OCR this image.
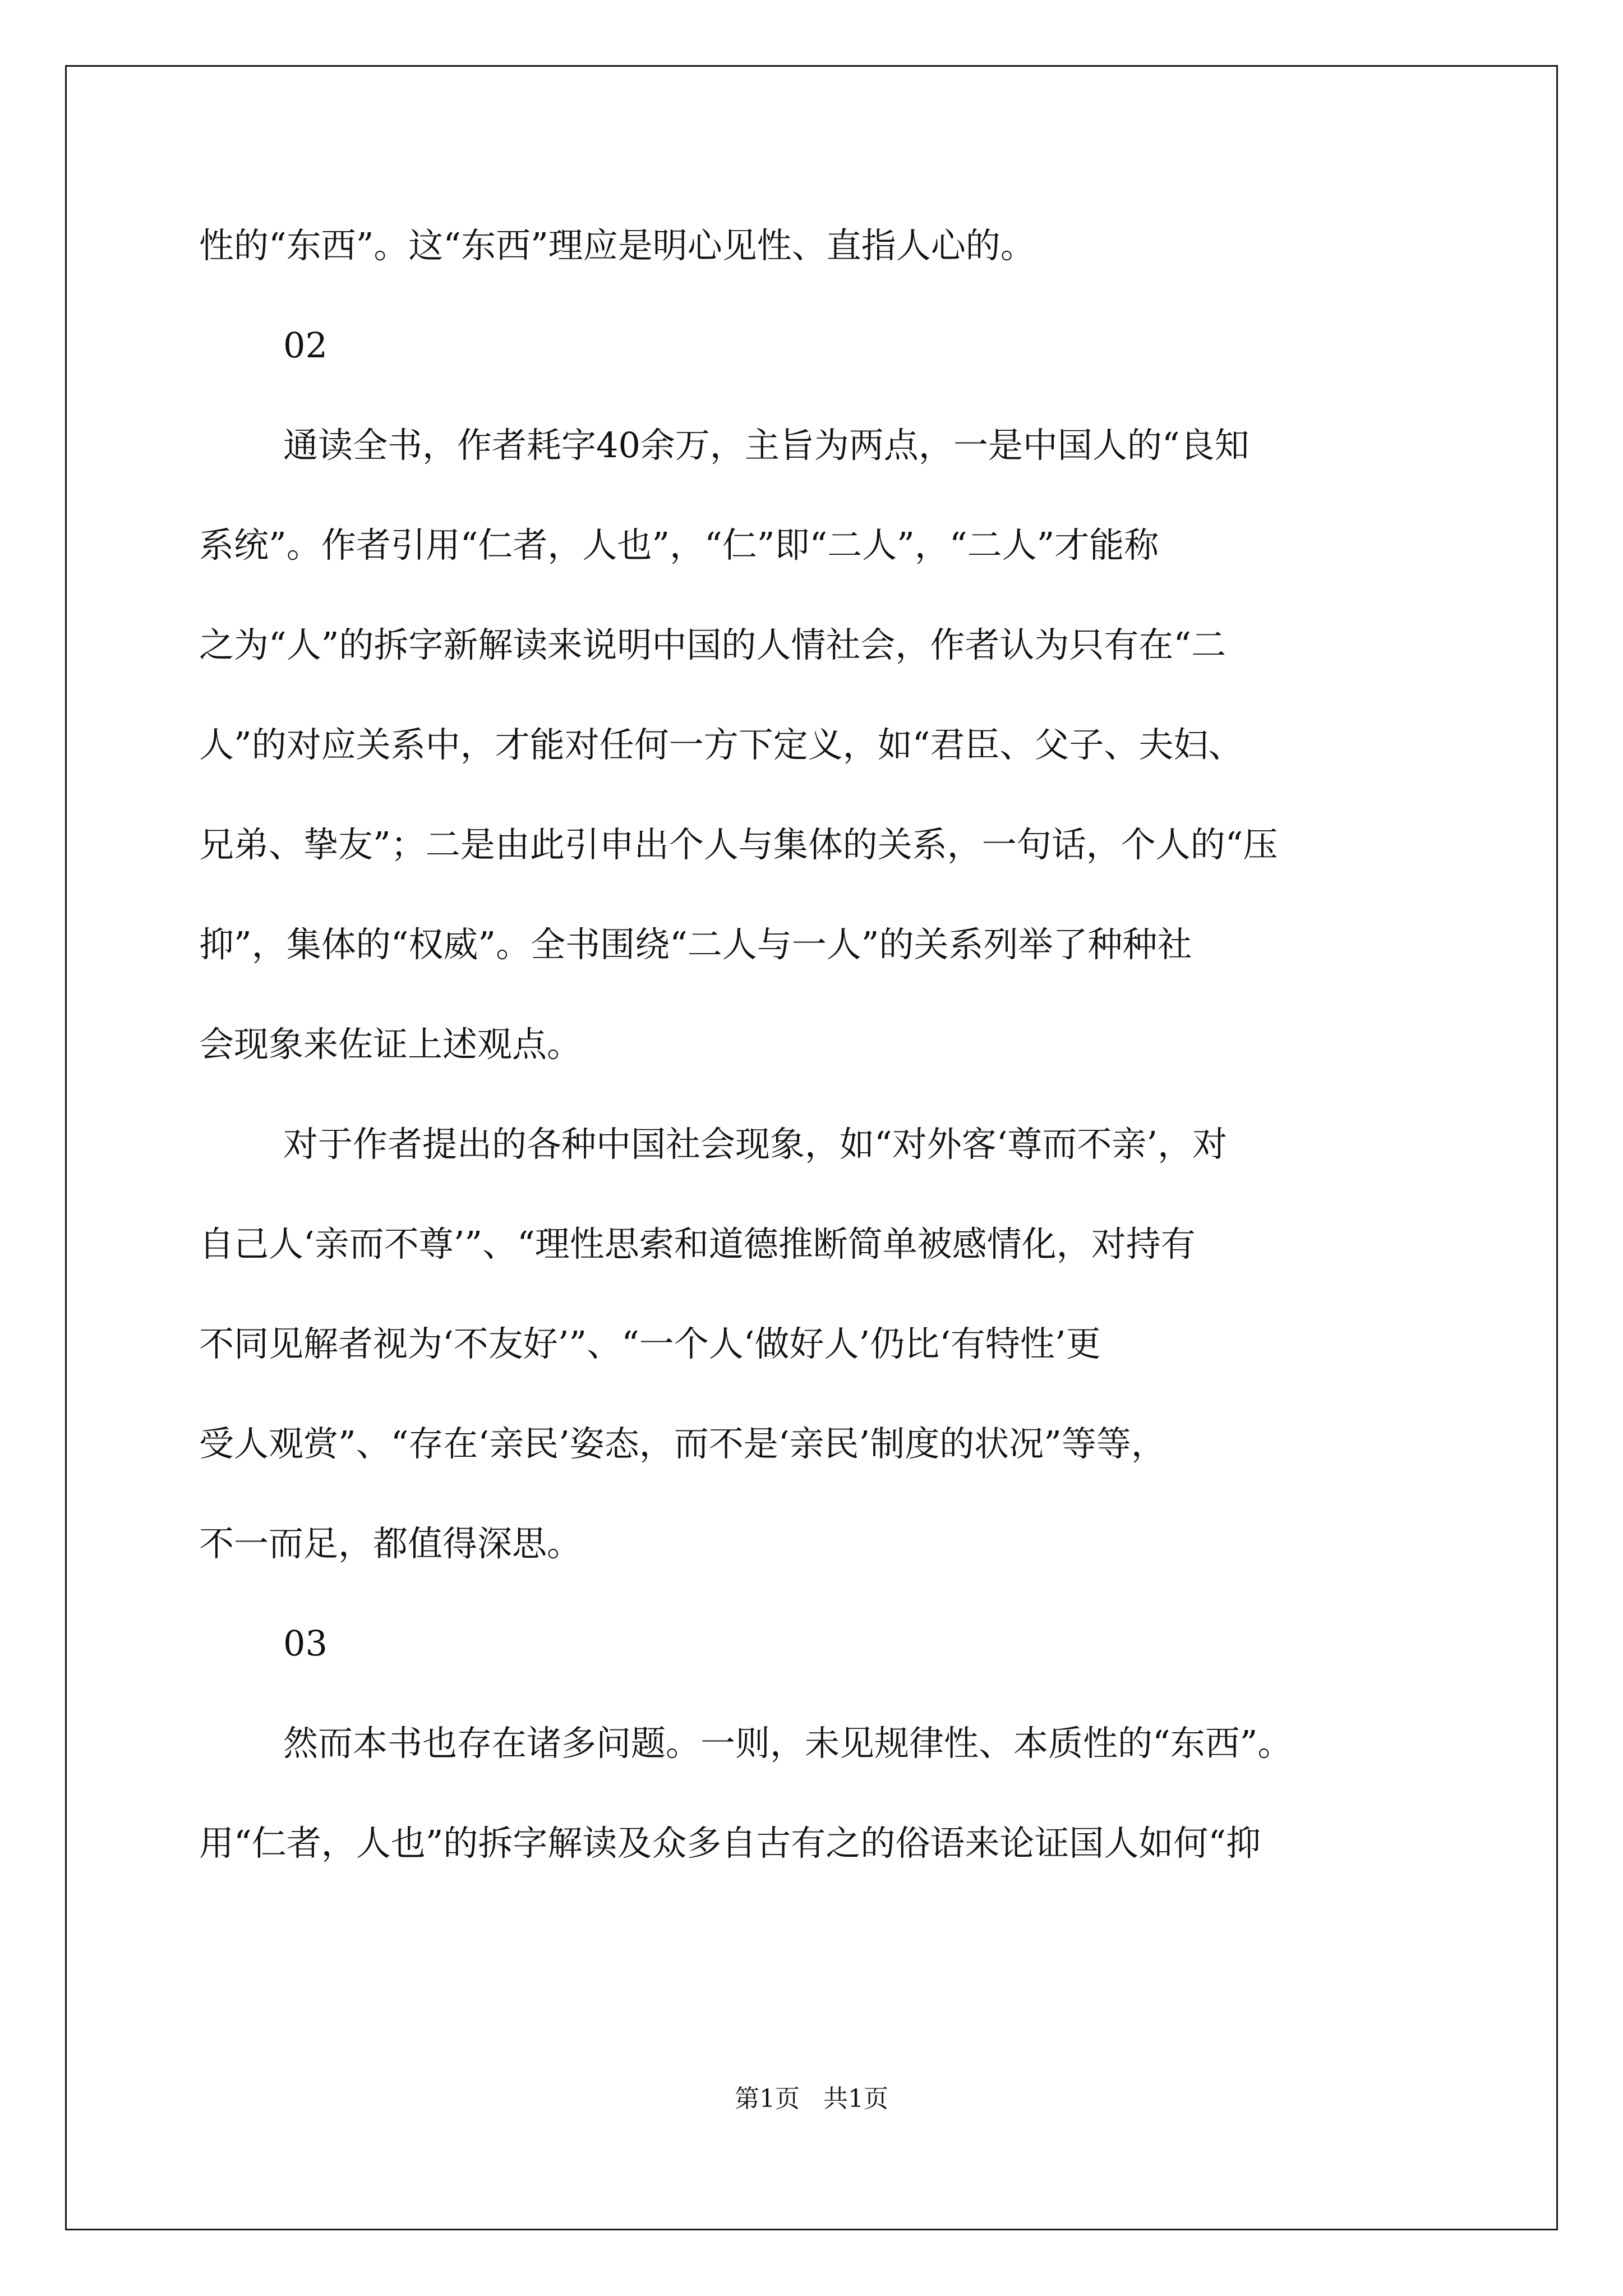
性的“东西”。这“东西”理应是明心见性、直指人心的。
02
通读全书，作者耗字40余万，主旨为两点，一是中国人的“良知
系统”。作者引用“仁者，人也”，“仁”即“二人”，“二人”才能称
之为“人”的拆字新解读来说明中国的人情社会，作者认为只有在“二
人”的对应关系中，才能对任何一方下定义，如“君臣、父子、夫妇、
兄弟、挚友”；二是由此引申出个人与集体的关系，一句话，个人的“压
抑”，集体的“权威”。全书围绕“二人与一人”的关系列举了种种社
会现象来佐证上述观点。
对于作者提出的各种中国社会现象，如“对外客‘尊而不亲’，对
自己人‘亲而不尊’”、“理性思索和道德推断简单被感情化，对持有
不同见解者视为‘不友好’”、“一个人‘做好人’仍比‘有特性’更
受人观赏”、“存在‘亲民’姿态，而不是‘亲民’制度的状况”等等，
不一而足，都值得深思。
03
然而本书也存在诸多问题。一则，未见规律性、本质性的“东西”。
用“仁者，人也”的拆字解读及众多自古有之的俗语来论证国人如何“抑
第1页   共1页
